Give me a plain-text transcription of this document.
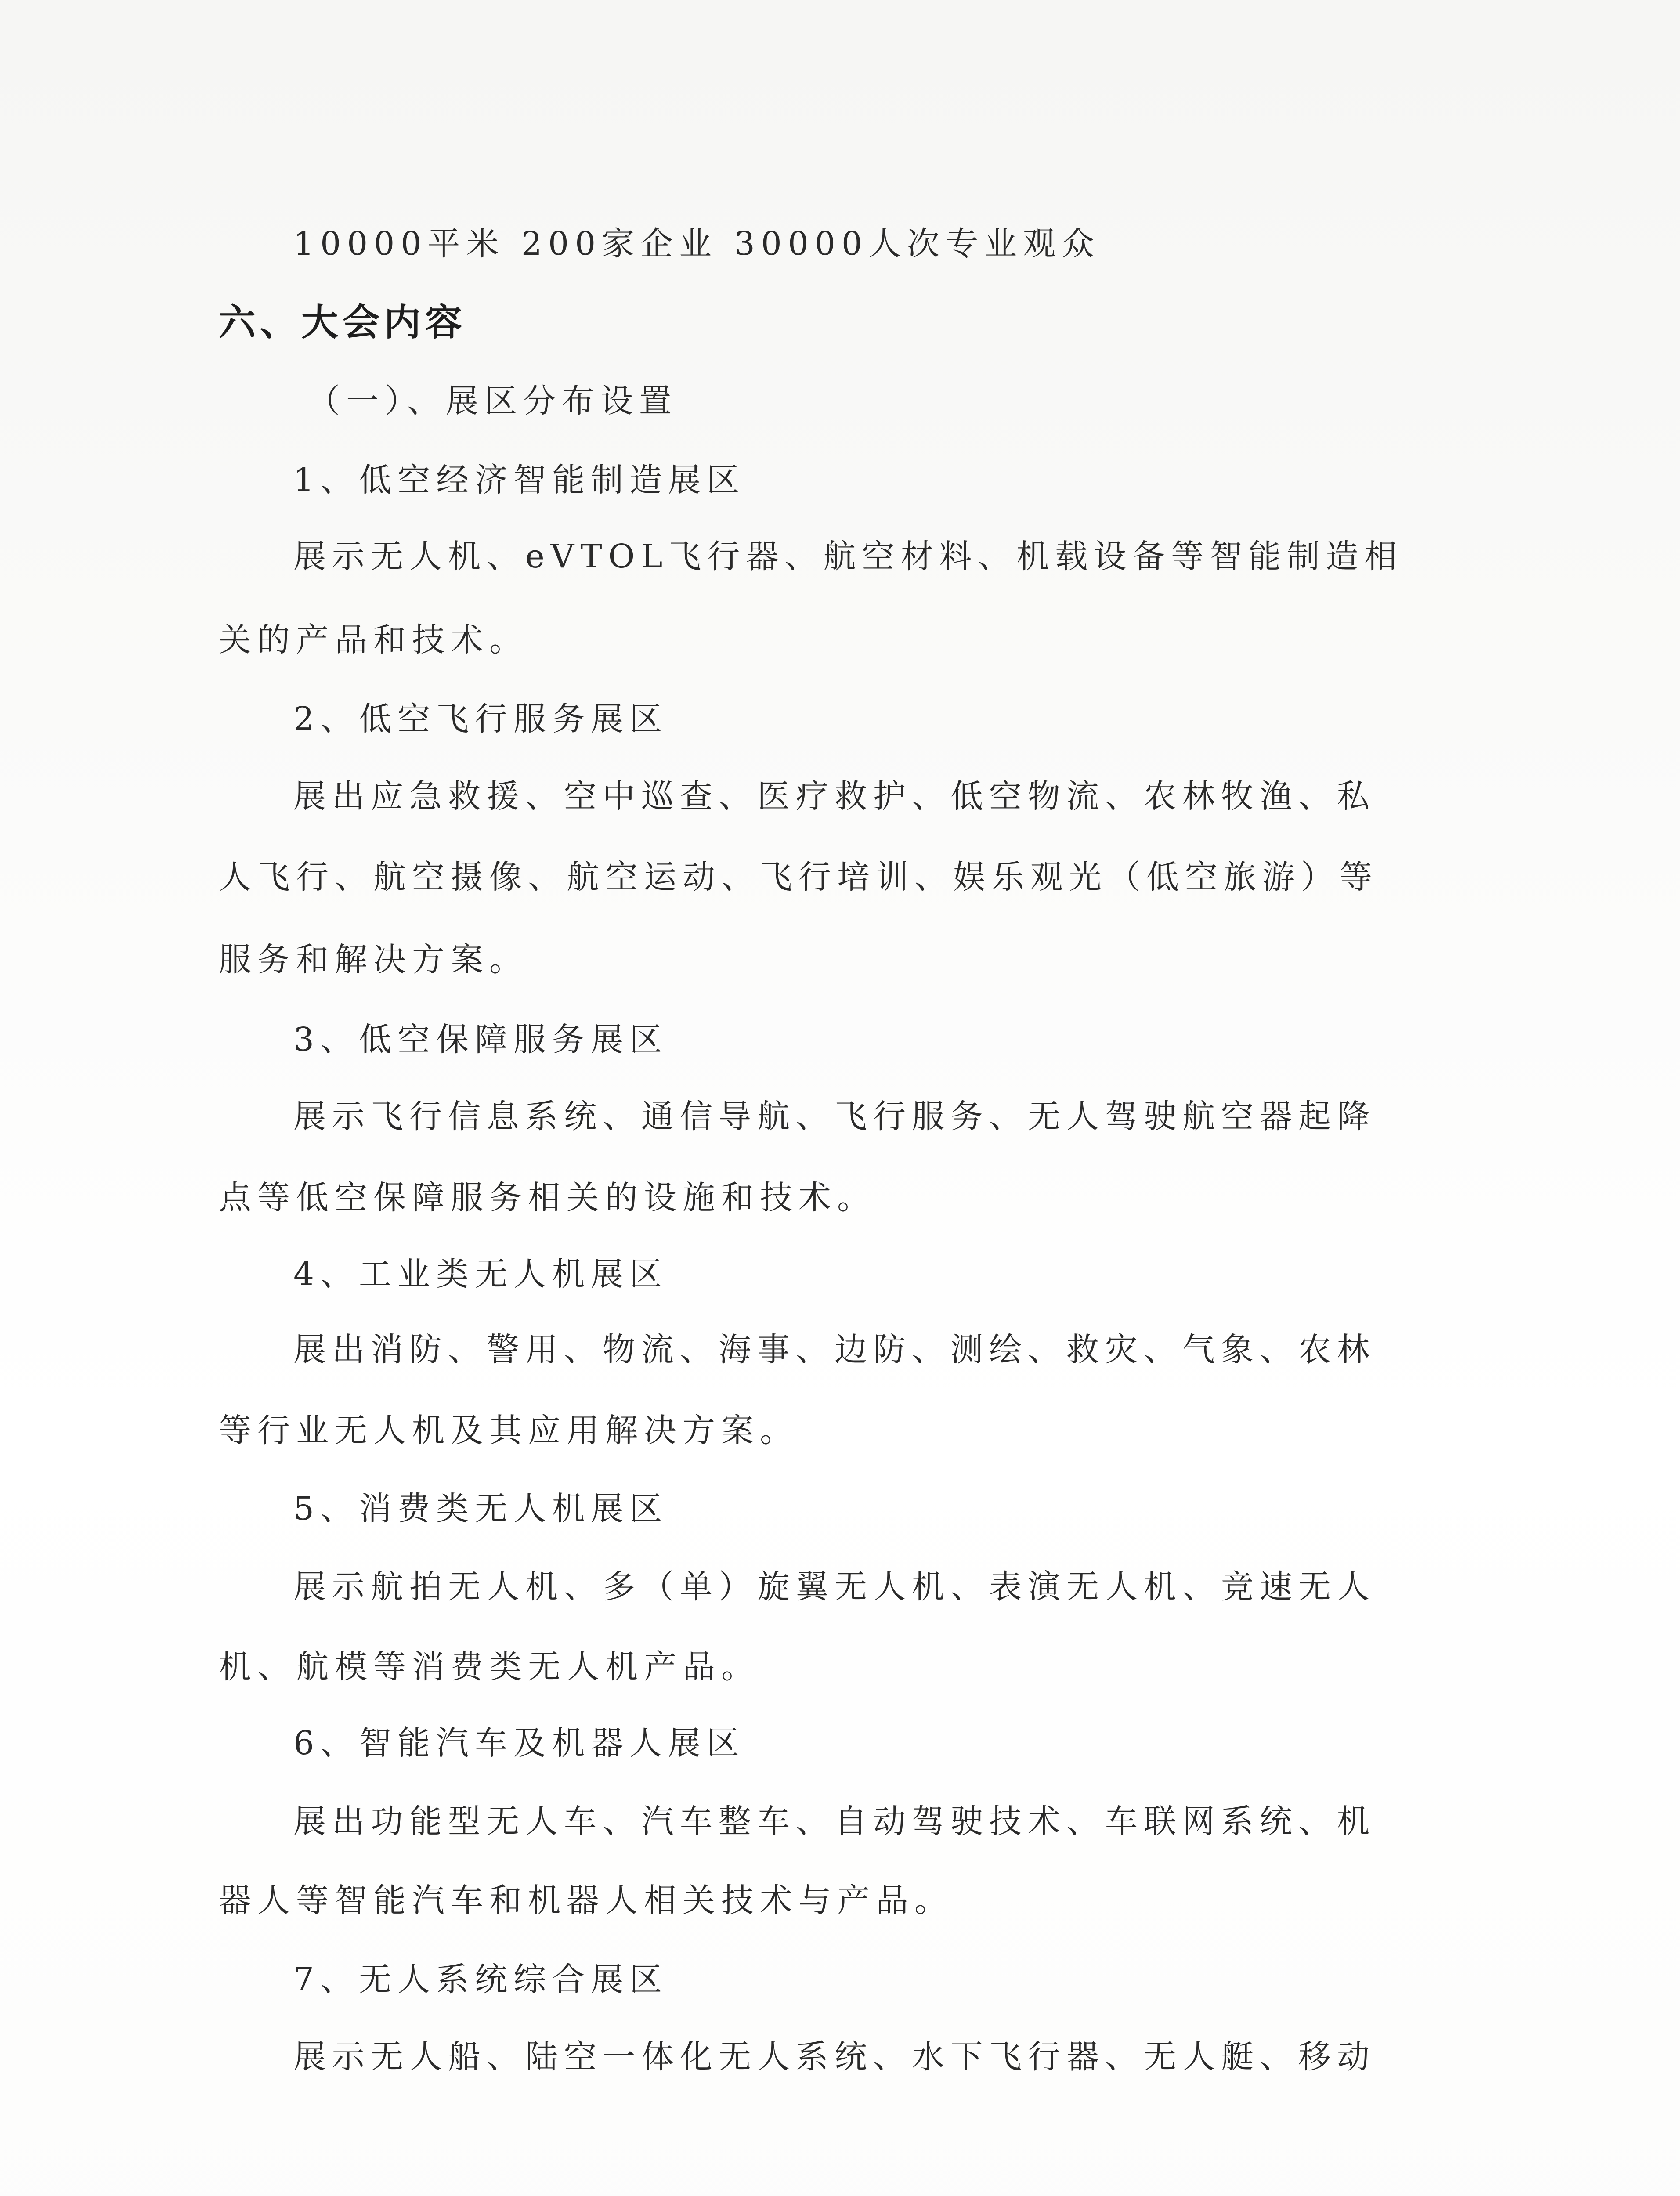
10000平米 200家企业 30000人次专业观众

六、大会内容

（一）、展区分布设置

1、低空经济智能制造展区

展示无人机、eVTOL飞行器、航空材料、机载设备等智能制造相

关的产品和技术。

2、低空飞行服务展区

展出应急救援、空中巡查、医疗救护、低空物流、农林牧渔、私

人飞行、航空摄像、航空运动、飞行培训、娱乐观光（低空旅游）等

服务和解决方案。

3、低空保障服务展区

展示飞行信息系统、通信导航、飞行服务、无人驾驶航空器起降

点等低空保障服务相关的设施和技术。

4、工业类无人机展区

展出消防、警用、物流、海事、边防、测绘、救灾、气象、农林

等行业无人机及其应用解决方案。

5、消费类无人机展区

展示航拍无人机、多（单）旋翼无人机、表演无人机、竞速无人

机、航模等消费类无人机产品。

6、智能汽车及机器人展区

展出功能型无人车、汽车整车、自动驾驶技术、车联网系统、机

器人等智能汽车和机器人相关技术与产品。

7、无人系统综合展区

展示无人船、陆空一体化无人系统、水下飞行器、无人艇、移动
